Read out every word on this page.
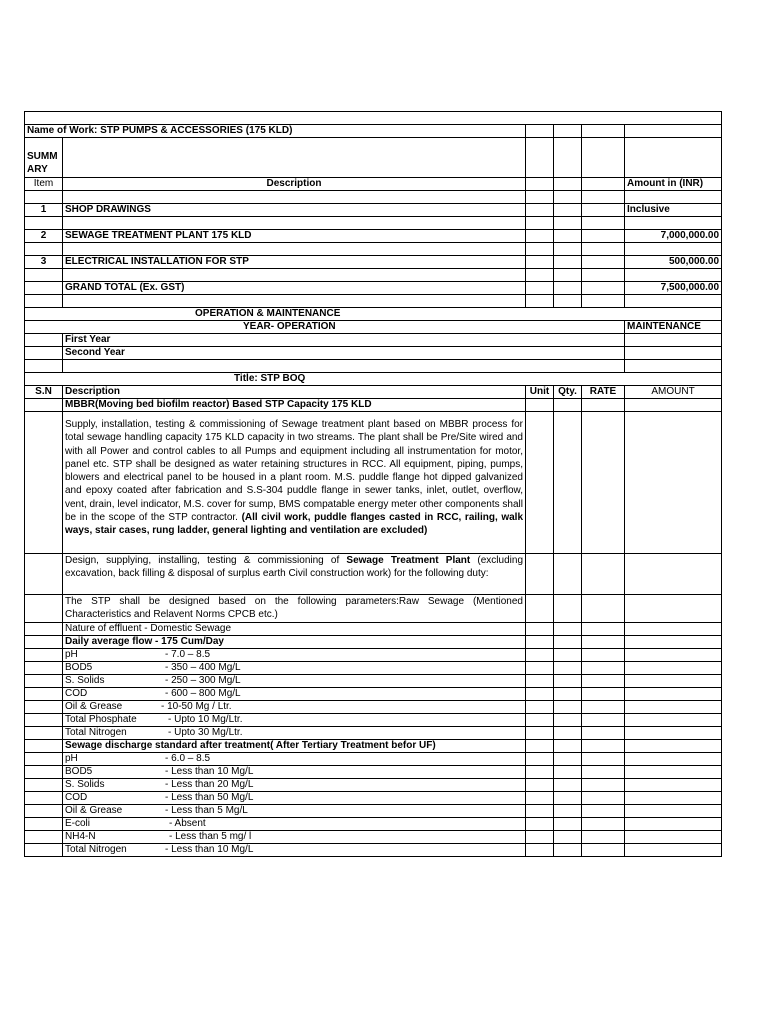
Name of Work: STP PUMPS & ACCESSORIES (175 KLD)					
SUMM ARY					
Item	Description				Amount in (INR)

1	SHOP DRAWINGS				Inclusive

2	SEWAGE TREATMENT PLANT 175 KLD				7,000,000.00

3	ELECTRICAL INSTALLATION FOR STP				500,000.00

	GRAND TOTAL (Ex. GST)				7,500,000.00

OPERATION & MAINTENANCE					
YEAR- OPERATION					MAINTENANCE
	First Year				
	Second Year				

Title: STP BOQ					
S.N	Description	Unit	Qty.	RATE	AMOUNT
	MBBR(Moving bed biofilm reactor) Based STP Capacity 175 KLD				
	Supply, installation, testing & commissioning of Sewage treatment plant based on MBBR process for total sewage handling capacity 175 KLD capacity in two streams. The plant shall be Pre/Site wired and with all Power and control cables to all Pumps and equipment including all instrumentation for motor, panel etc. STP shall be designed as water retaining structures in RCC. All equipment, piping, pumps, blowers and electrical panel to be housed in a plant room. M.S. puddle flange hot dipped galvanized and epoxy coated after fabrication and S.S-304 puddle flange in sewer tanks, inlet, outlet, overflow, vent, drain, level indicator, M.S. cover for sump, BMS compatable energy meter other components shall be in the scope of the STP contractor. (All civil work, puddle flanges casted in RCC, railing, walk ways, stair cases, rung ladder, general lighting and ventilation are excluded)				
	Design, supplying, installing, testing & commissioning of Sewage Treatment Plant (excluding excavation, back filling & disposal of surplus earth Civil construction work) for the following duty:				
	The STP shall be designed based on the following parameters:Raw Sewage (Mentioned Characteristics and Relavent Norms CPCB etc.)				
	Nature of effluent - Domestic Sewage				
	Daily average flow - 175 Cum/Day				
	pH - 7.0 – 8.5				
	BOD5 - 350 – 400 Mg/L				
	S. Solids - 250 – 300 Mg/L				
	COD - 600 – 800 Mg/L				
	Oil & Grease - 10-50 Mg / Ltr.				
	Total Phosphate - Upto 10 Mg/Ltr.				
	Total Nitrogen - Upto 30 Mg/Ltr.				
	Sewage discharge standard after treatment( After Tertiary Treatment befor UF)				
	pH - 6.0 – 8.5				
	BOD5 - Less than 10 Mg/L				
	S. Solids - Less than 20 Mg/L				
	COD - Less than 50 Mg/L				
	Oil & Grease - Less than 5 Mg/L				
	E-coli - Absent				
	NH4-N - Less than 5 mg/ l				
	Total Nitrogen - Less than 10 Mg/L				
